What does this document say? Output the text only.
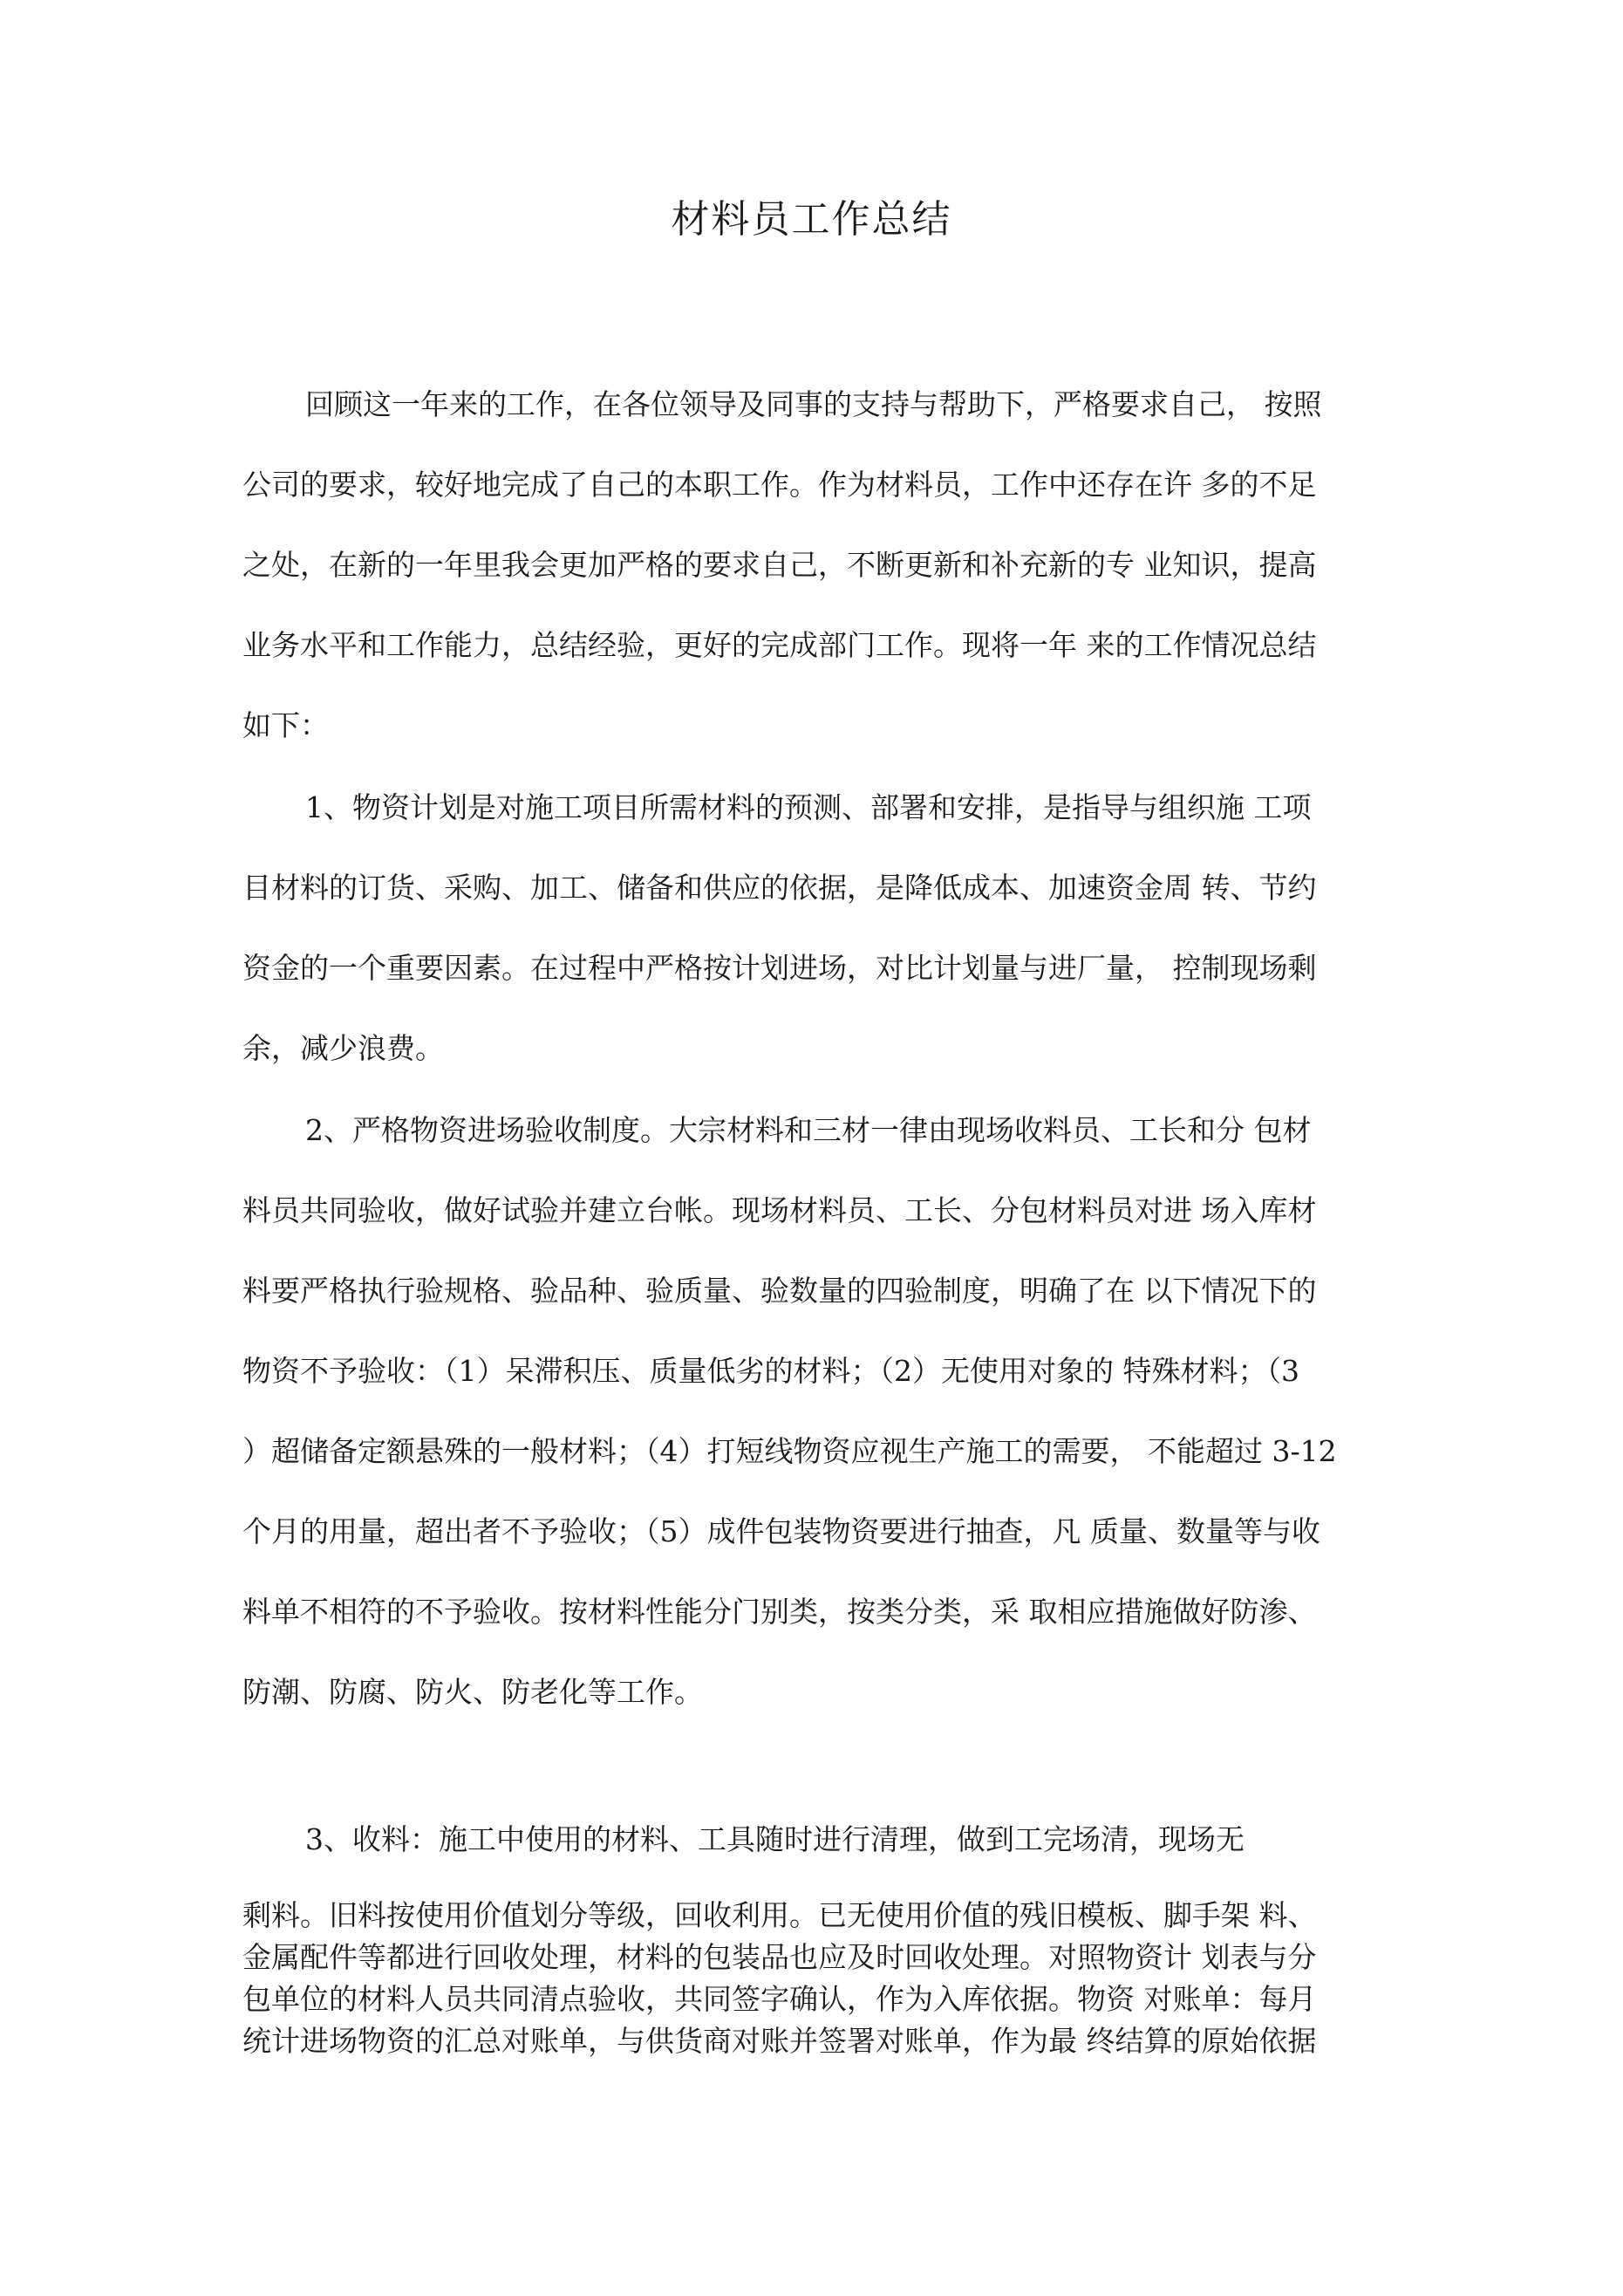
材料员工作总结
回顾这一年来的工作，在各位领导及同事的支持与帮助下，严格要求自己， 按照
公司的要求，较好地完成了自己的本职工作。作为材料员，工作中还存在许 多的不足
之处，在新的一年里我会更加严格的要求自己，不断更新和补充新的专 业知识，提高
业务水平和工作能力，总结经验，更好的完成部门工作。现将一年 来的工作情况总结
如下：
1、物资计划是对施工项目所需材料的预测、部署和安排，是指导与组织施 工项
目材料的订货、采购、加工、储备和供应的依据，是降低成本、加速资金周 转、节约
资金的一个重要因素。在过程中严格按计划进场，对比计划量与进厂量， 控制现场剩
余，减少浪费。
2、严格物资进场验收制度。大宗材料和三材一律由现场收料员、工长和分 包材
料员共同验收，做好试验并建立台帐。现场材料员、工长、分包材料员对进 场入库材
料要严格执行验规格、验品种、验质量、验数量的四验制度，明确了在 以下情况下的
物资不予验收：（1）呆滞积压、质量低劣的材料；（2）无使用对象的 特殊材料；（3
）超储备定额悬殊的一般材料；（4）打短线物资应视生产施工的需要， 不能超过 3-12
个月的用量，超出者不予验收；（5）成件包装物资要进行抽查，凡 质量、数量等与收
料单不相符的不予验收。按材料性能分门别类，按类分类，采 取相应措施做好防渗、
防潮、防腐、防火、防老化等工作。
3、收料：施工中使用的材料、工具随时进行清理，做到工完场清，现场无
剩料。旧料按使用价值划分等级，回收利用。已无使用价值的残旧模板、脚手架 料、
金属配件等都进行回收处理，材料的包装品也应及时回收处理。对照物资计 划表与分
包单位的材料人员共同清点验收，共同签字确认，作为入库依据。物资 对账单：每月
统计进场物资的汇总对账单，与供货商对账并签署对账单，作为最 终结算的原始依据
